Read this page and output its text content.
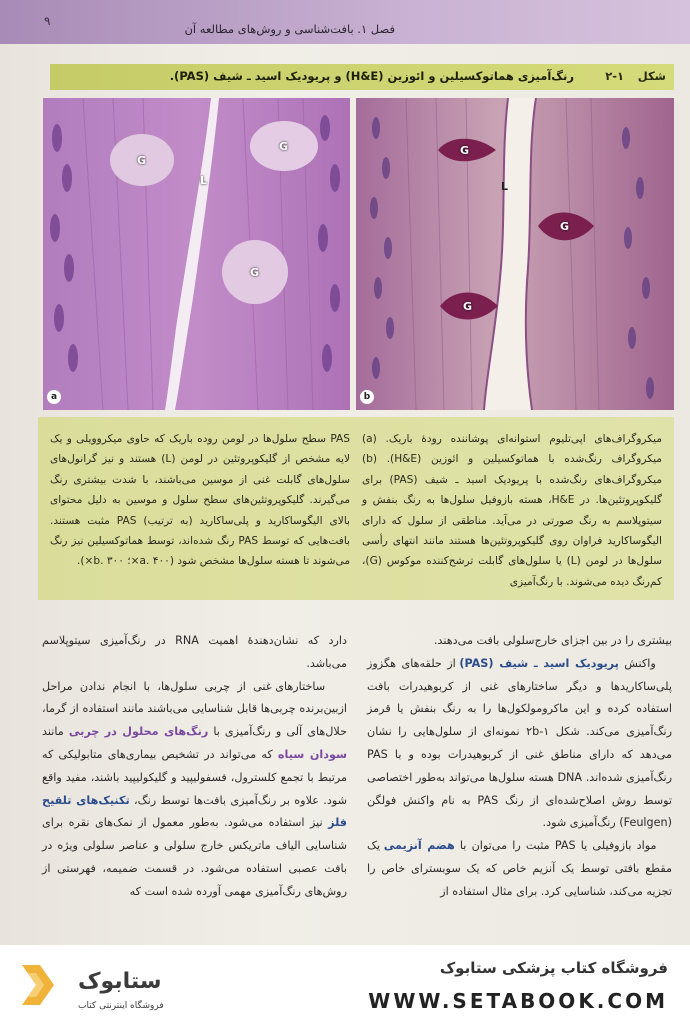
۹
فصل ۱. بافت‌شناسی و روش‌های مطالعه آن
شکل
۲-۱
رنگ‌آمیزی هماتوکسیلین و ائوزین (H&E) و پریودیک اسید ـ شیف (PAS).
G
L
G
G
a
G
L
G
G
b

میکروگراف‌های اپی‌تلیوم استوانه‌ای پوشاننده رودهٔ باریک. (a) میکروگراف رنگ‌شده با هماتوکسیلین و ائوزین (H&E). (b) میکروگراف‌های رنگ‌شده با پریودیک اسید ـ شیف (PAS) برای گلیکوپروتئین‌ها. در H&E، هسته بازوفیل سلول‌ها به رنگ بنفش و سیتوپلاسم به رنگ صورتی در می‌آید. مناطقی از سلول که دارای الیگوساکارید فراوان روی گلیکوپروتئین‌ها هستند مانند انتهای رأسی سلول‌ها در لومن (L) یا سلول‌های گابلت ترشح‌کننده موکوس (G)، کم‌رنگ دیده می‌شوند. با رنگ‌آمیزی

PAS سطح سلول‌ها در لومن روده باریک که حاوی میکروویلی و یک لایه مشخص از گلیکوپروتئین در لومن (L) هستند و نیز گرانول‌های سلول‌های گابلت غنی از موسین می‌باشند، با شدت بیشتری رنگ می‌گیرند. گلیکوپروتئین‌های سطح سلول و موسین به دلیل محتوای بالای الیگوساکارید و پلی‌ساکارید (به ترتیب) PAS مثبت هستند. بافت‌هایی که توسط PAS رنگ شده‌اند، توسط هماتوکسیلین نیز رنگ می‌شوند تا هسته سلول‌ها مشخص شود (a. ۴۰۰×؛ b. ۳۰۰×).

بیشتری را در بین اجزای خارج‌سلولی بافت می‌دهند.

واکنش پریودیک اسید ـ شیف (PAS) از حلقه‌های هگزوز پلی‌ساکاریدها و دیگر ساختارهای غنی از کربوهیدرات بافت استفاده کرده و این ماکرومولکول‌ها را به رنگ بنفش یا قرمز رنگ‌آمیزی می‌کند. شکل ۱-۲b نمونه‌ای از سلول‌هایی را نشان می‌دهد که دارای مناطق غنی از کربوهیدرات بوده و با PAS رنگ‌آمیزی شده‌اند. DNA هسته سلول‌ها می‌تواند به‌طور اختصاصی توسط روش اصلاح‌شده‌ای از رنگ PAS به نام واکنش فولگن (Feulgen) رنگ‌آمیزی شود.

مواد بازوفیلی یا PAS مثبت را می‌توان با هضم آنزیمی یک مقطع بافتی توسط یک آنزیم خاص که یک سوبسترای خاص را تجزیه می‌کند، شناسایی کرد. برای مثال استفاده از

دارد که نشان‌دهندهٔ اهمیت RNA در رنگ‌آمیزی سیتوپلاسم می‌باشد.

ساختارهای غنی از چربی سلول‌ها، با انجام ندادن مراحل ازبین‌برنده چربی‌ها قابل شناسایی می‌باشند مانند استفاده از گرما، حلال‌های آلی و رنگ‌آمیزی با رنگ‌های محلول در چربی مانند سودان سیاه که می‌تواند در تشخیص بیماری‌های متابولیکی که مرتبط با تجمع کلسترول، فسفولیپید و گلیکولیپید باشند، مفید واقع شود. علاوه بر رنگ‌آمیزی بافت‌ها توسط رنگ، تکنیک‌های تلقیح فلز نیز استفاده می‌شود. به‌طور معمول از نمک‌های نقره برای شناسایی الیاف ماتریکس خارج سلولی و عناصر سلولی ویژه در بافت عصبی استفاده می‌شود. در قسمت ضمیمه، فهرستی از روش‌های رنگ‌آمیزی مهمی آورده شده است که

فروشگاه کتاب پزشکی ستابوک
WWW.SETABOOK.COM
ستابوک
فروشگاه اینترنتی کتاب
